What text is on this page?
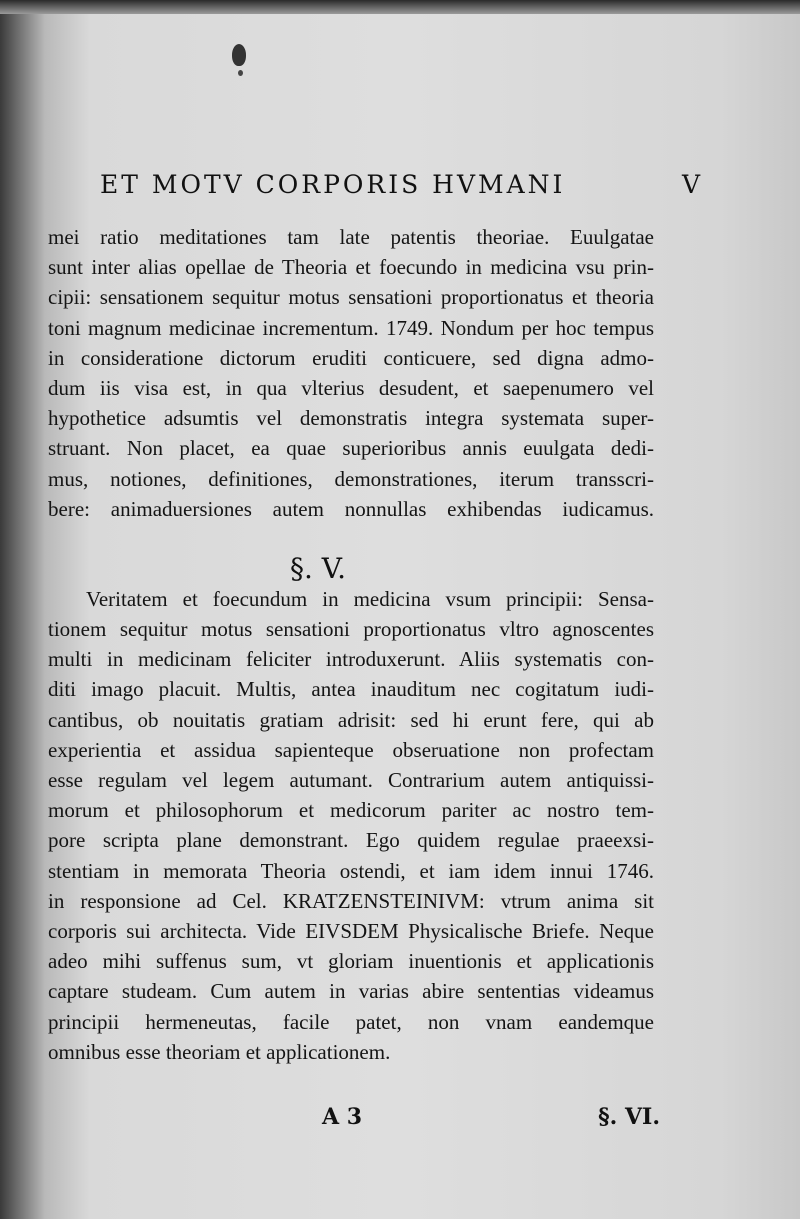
ET MOTV CORPORIS HVMANI	V
mei ratio meditationes tam late patentis theoriae. Euulgatae
sunt inter alias opellae de Theoria et foecundo in medicina vsu prin-
cipii: sensationem sequitur motus sensationi proportionatus et theoria
toni magnum medicinae incrementum. 1749. Nondum per hoc tempus
in consideratione dictorum eruditi conticuere, sed digna admo-
dum iis visa est, in qua vlterius desudent, et saepenumero vel
hypothetice adsumtis vel demonstratis integra systemata super-
struant. Non placet, ea quae superioribus annis euulgata dedi-
mus, notiones, definitiones, demonstrationes, iterum transscri-
bere: animaduersiones autem nonnullas exhibendas iudicamus.
Veritatem et foecundum in medicina vsum principii: Sensa-
tionem sequitur motus sensationi proportionatus vltro agnoscentes
multi in medicinam feliciter introduxerunt. Aliis systematis con-
diti imago placuit. Multis, antea inauditum nec cogitatum iudi-
cantibus, ob nouitatis gratiam adrisit: sed hi erunt fere, qui ab
experientia et assidua sapienteque obseruatione non profectam
esse regulam vel legem autumant. Contrarium autem antiquissi-
morum et philosophorum et medicorum pariter ac nostro tem-
pore scripta plane demonstrant. Ego quidem regulae praeexsi-
stentiam in memorata Theoria ostendi, et iam idem innui 1746.
in responsione ad Cel. KRATZENSTEINIVM: vtrum anima sit
corporis sui architecta. Vide EIVSDEM Physicalische Briefe. Neque
adeo mihi suffenus sum, vt gloriam inuentionis et applicationis
captare studeam. Cum autem in varias abire sententias videamus
principii hermeneutas, facile patet, non vnam eandemque
omnibus esse theoriam et applicationem.
§. V.
A 3	§. VI.
